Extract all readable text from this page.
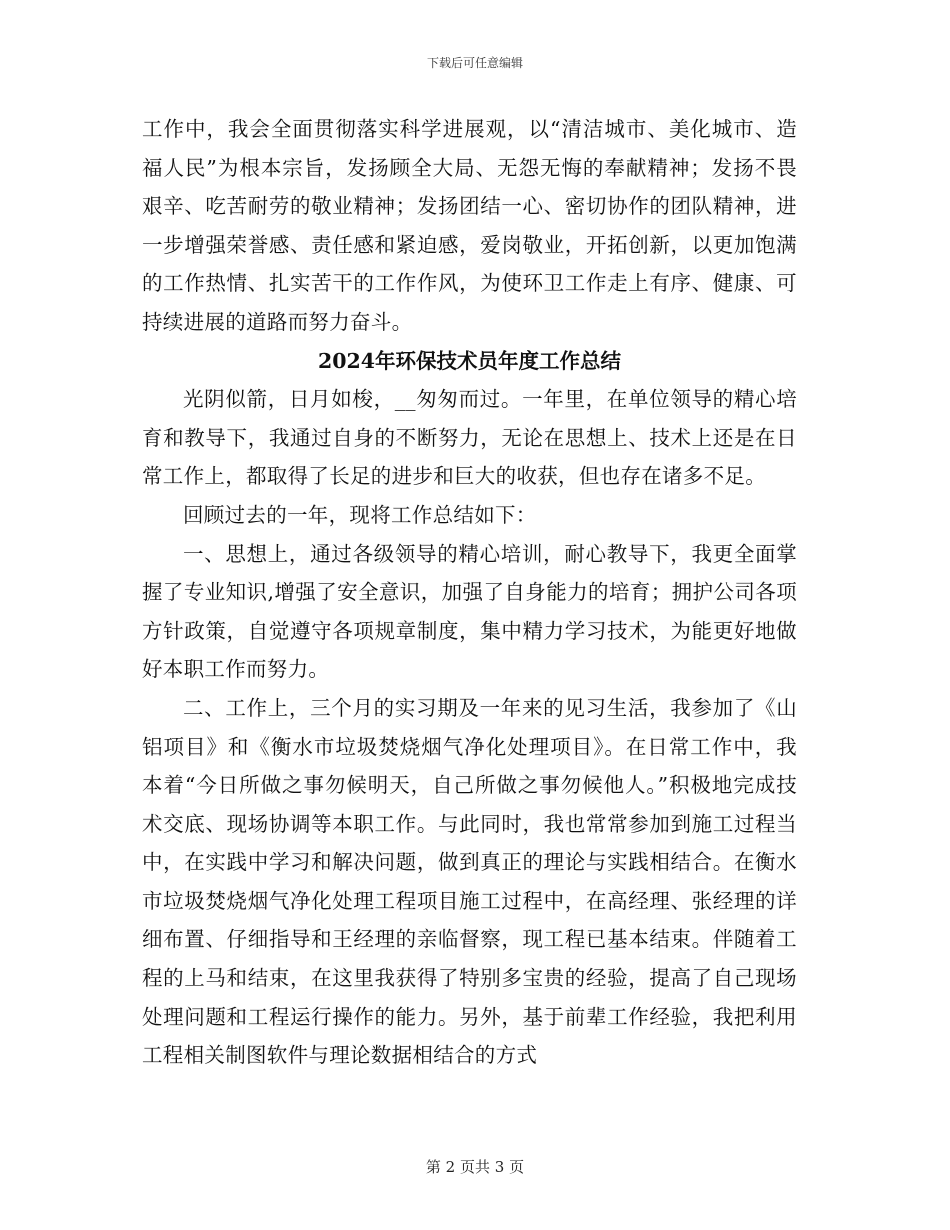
下载后可任意编辑

工作中，我会全面贯彻落实科学进展观，以“清洁城市、美化城市、造福人民”为根本宗旨，发扬顾全大局、无怨无悔的奉献精神；发扬不畏艰辛、吃苦耐劳的敬业精神；发扬团结一心、密切协作的团队精神，进一步增强荣誉感、责任感和紧迫感，爱岗敬业，开拓创新，以更加饱满的工作热情、扎实苦干的工作作风，为使环卫工作走上有序、健康、可持续进展的道路而努力奋斗。

2024年环保技术员年度工作总结

光阴似箭，日月如梭，__匆匆而过。一年里，在单位领导的精心培育和教导下，我通过自身的不断努力，无论在思想上、技术上还是在日常工作上，都取得了长足的进步和巨大的收获，但也存在诸多不足。

回顾过去的一年，现将工作总结如下：

一、思想上，通过各级领导的精心培训，耐心教导下，我更全面掌握了专业知识,增强了安全意识，加强了自身能力的培育；拥护公司各项方针政策，自觉遵守各项规章制度，集中精力学习技术，为能更好地做好本职工作而努力。

二、工作上，三个月的实习期及一年来的见习生活，我参加了《山铝项目》和《衡水市垃圾焚烧烟气净化处理项目》。在日常工作中，我本着“今日所做之事勿候明天，自己所做之事勿候他人。”积极地完成技术交底、现场协调等本职工作。与此同时，我也常常参加到施工过程当中，在实践中学习和解决问题，做到真正的理论与实践相结合。在衡水市垃圾焚烧烟气净化处理工程项目施工过程中，在高经理、张经理的详细布置、仔细指导和王经理的亲临督察，现工程已基本结束。伴随着工程的上马和结束，在这里我获得了特别多宝贵的经验，提高了自己现场处理问题和工程运行操作的能力。另外，基于前辈工作经验，我把利用工程相关制图软件与理论数据相结合的方式

第 2 页共 3 页
